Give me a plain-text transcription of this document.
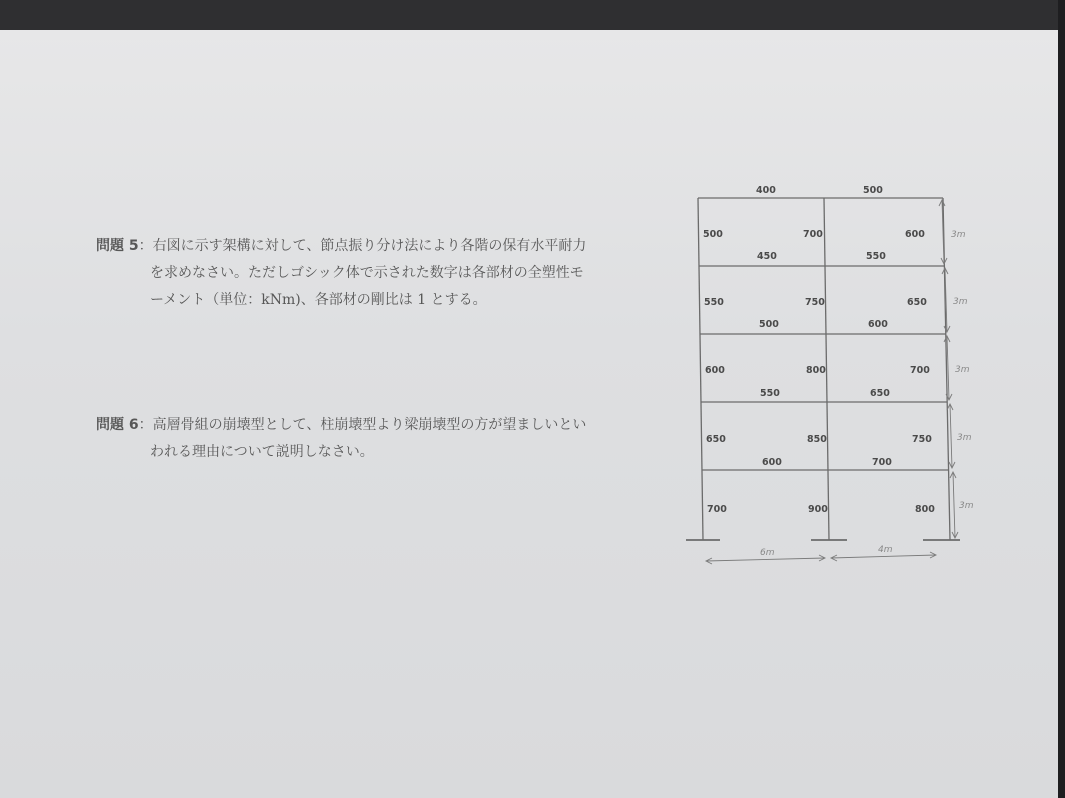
問題 5：右図に示す架構に対して、節点振り分け法により各階の保有水平耐力
を求めなさい。ただしゴシック体で示された数字は各部材の全塑性モ
ーメント（単位：kNm)、各部材の剛比は 1 とする。
問題 6：高層骨組の崩壊型として、柱崩壊型より梁崩壊型の方が望ましいとい
われる理由について説明しなさい。
400	500
500	700	600
450	550
550	750	650
500	600
600	800	700
550	650
650	850	750
600	700
700	900	800
3m
3m
3m
3m
3m
6m	4m
